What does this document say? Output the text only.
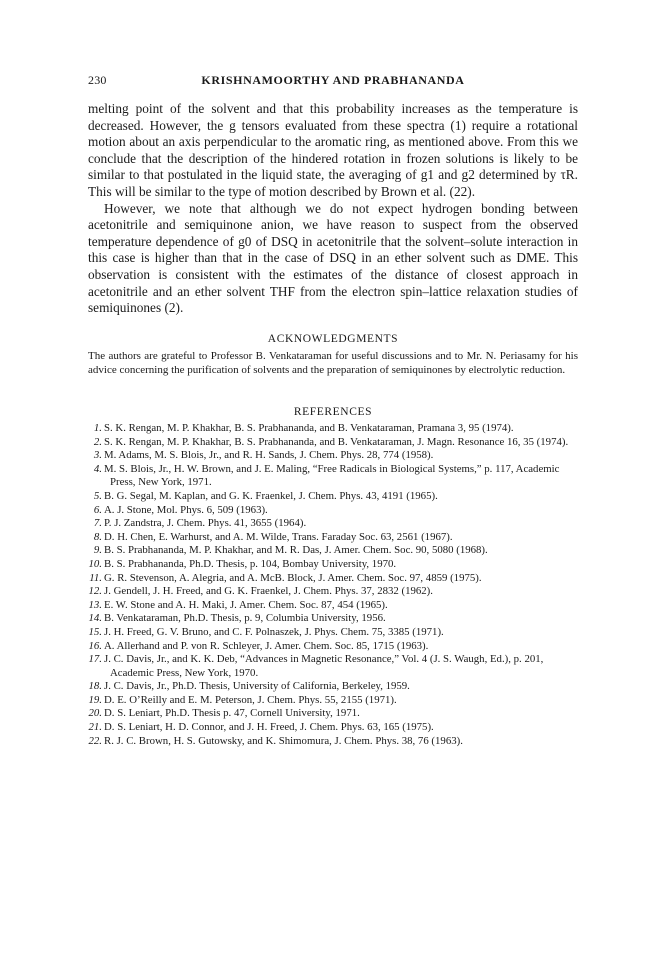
230	KRISHNAMOORTHY AND PRABHANANDA

melting point of the solvent and that this probability increases as the temperature is decreased. However, the g tensors evaluated from these spectra (1) require a rotational motion about an axis perpendicular to the aromatic ring, as mentioned above. From this we conclude that the description of the hindered rotation in frozen solutions is likely to be similar to that postulated in the liquid state, the averaging of g1 and g2 determined by τR. This will be similar to the type of motion described by Brown et al. (22).

However, we note that although we do not expect hydrogen bonding between acetonitrile and semiquinone anion, we have reason to suspect from the observed temperature dependence of g0 of DSQ in acetonitrile that the solvent–solute interaction in this case is higher than that in the case of DSQ in an ether solvent such as DME. This observation is consistent with the estimates of the distance of closest approach in acetonitrile and an ether solvent THF from the electron spin–lattice relaxation studies of semiquinones (2).

ACKNOWLEDGMENTS

The authors are grateful to Professor B. Venkataraman for useful discussions and to Mr. N. Periasamy for his advice concerning the purification of solvents and the preparation of semiquinones by electrolytic reduction.

REFERENCES
1. S. K. Rengan, M. P. Khakhar, B. S. Prabhananda, and B. Venkataraman, Pramana 3, 95 (1974).
2. S. K. Rengan, M. P. Khakhar, B. S. Prabhananda, and B. Venkataraman, J. Magn. Resonance 16, 35 (1974).
3. M. Adams, M. S. Blois, Jr., and R. H. Sands, J. Chem. Phys. 28, 774 (1958).
4. M. S. Blois, Jr., H. W. Brown, and J. E. Maling, “Free Radicals in Biological Systems,” p. 117, Academic Press, New York, 1971.
5. B. G. Segal, M. Kaplan, and G. K. Fraenkel, J. Chem. Phys. 43, 4191 (1965).
6. A. J. Stone, Mol. Phys. 6, 509 (1963).
7. P. J. Zandstra, J. Chem. Phys. 41, 3655 (1964).
8. D. H. Chen, E. Warhurst, and A. M. Wilde, Trans. Faraday Soc. 63, 2561 (1967).
9. B. S. Prabhananda, M. P. Khakhar, and M. R. Das, J. Amer. Chem. Soc. 90, 5080 (1968).
10. B. S. Prabhananda, Ph.D. Thesis, p. 104, Bombay University, 1970.
11. G. R. Stevenson, A. Alegria, and A. McB. Block, J. Amer. Chem. Soc. 97, 4859 (1975).
12. J. Gendell, J. H. Freed, and G. K. Fraenkel, J. Chem. Phys. 37, 2832 (1962).
13. E. W. Stone and A. H. Maki, J. Amer. Chem. Soc. 87, 454 (1965).
14. B. Venkataraman, Ph.D. Thesis, p. 9, Columbia University, 1956.
15. J. H. Freed, G. V. Bruno, and C. F. Polnaszek, J. Phys. Chem. 75, 3385 (1971).
16. A. Allerhand and P. von R. Schleyer, J. Amer. Chem. Soc. 85, 1715 (1963).
17. J. C. Davis, Jr., and K. K. Deb, “Advances in Magnetic Resonance,” Vol. 4 (J. S. Waugh, Ed.), p. 201, Academic Press, New York, 1970.
18. J. C. Davis, Jr., Ph.D. Thesis, University of California, Berkeley, 1959.
19. D. E. O’Reilly and E. M. Peterson, J. Chem. Phys. 55, 2155 (1971).
20. D. S. Leniart, Ph.D. Thesis p. 47, Cornell University, 1971.
21. D. S. Leniart, H. D. Connor, and J. H. Freed, J. Chem. Phys. 63, 165 (1975).
22. R. J. C. Brown, H. S. Gutowsky, and K. Shimomura, J. Chem. Phys. 38, 76 (1963).
